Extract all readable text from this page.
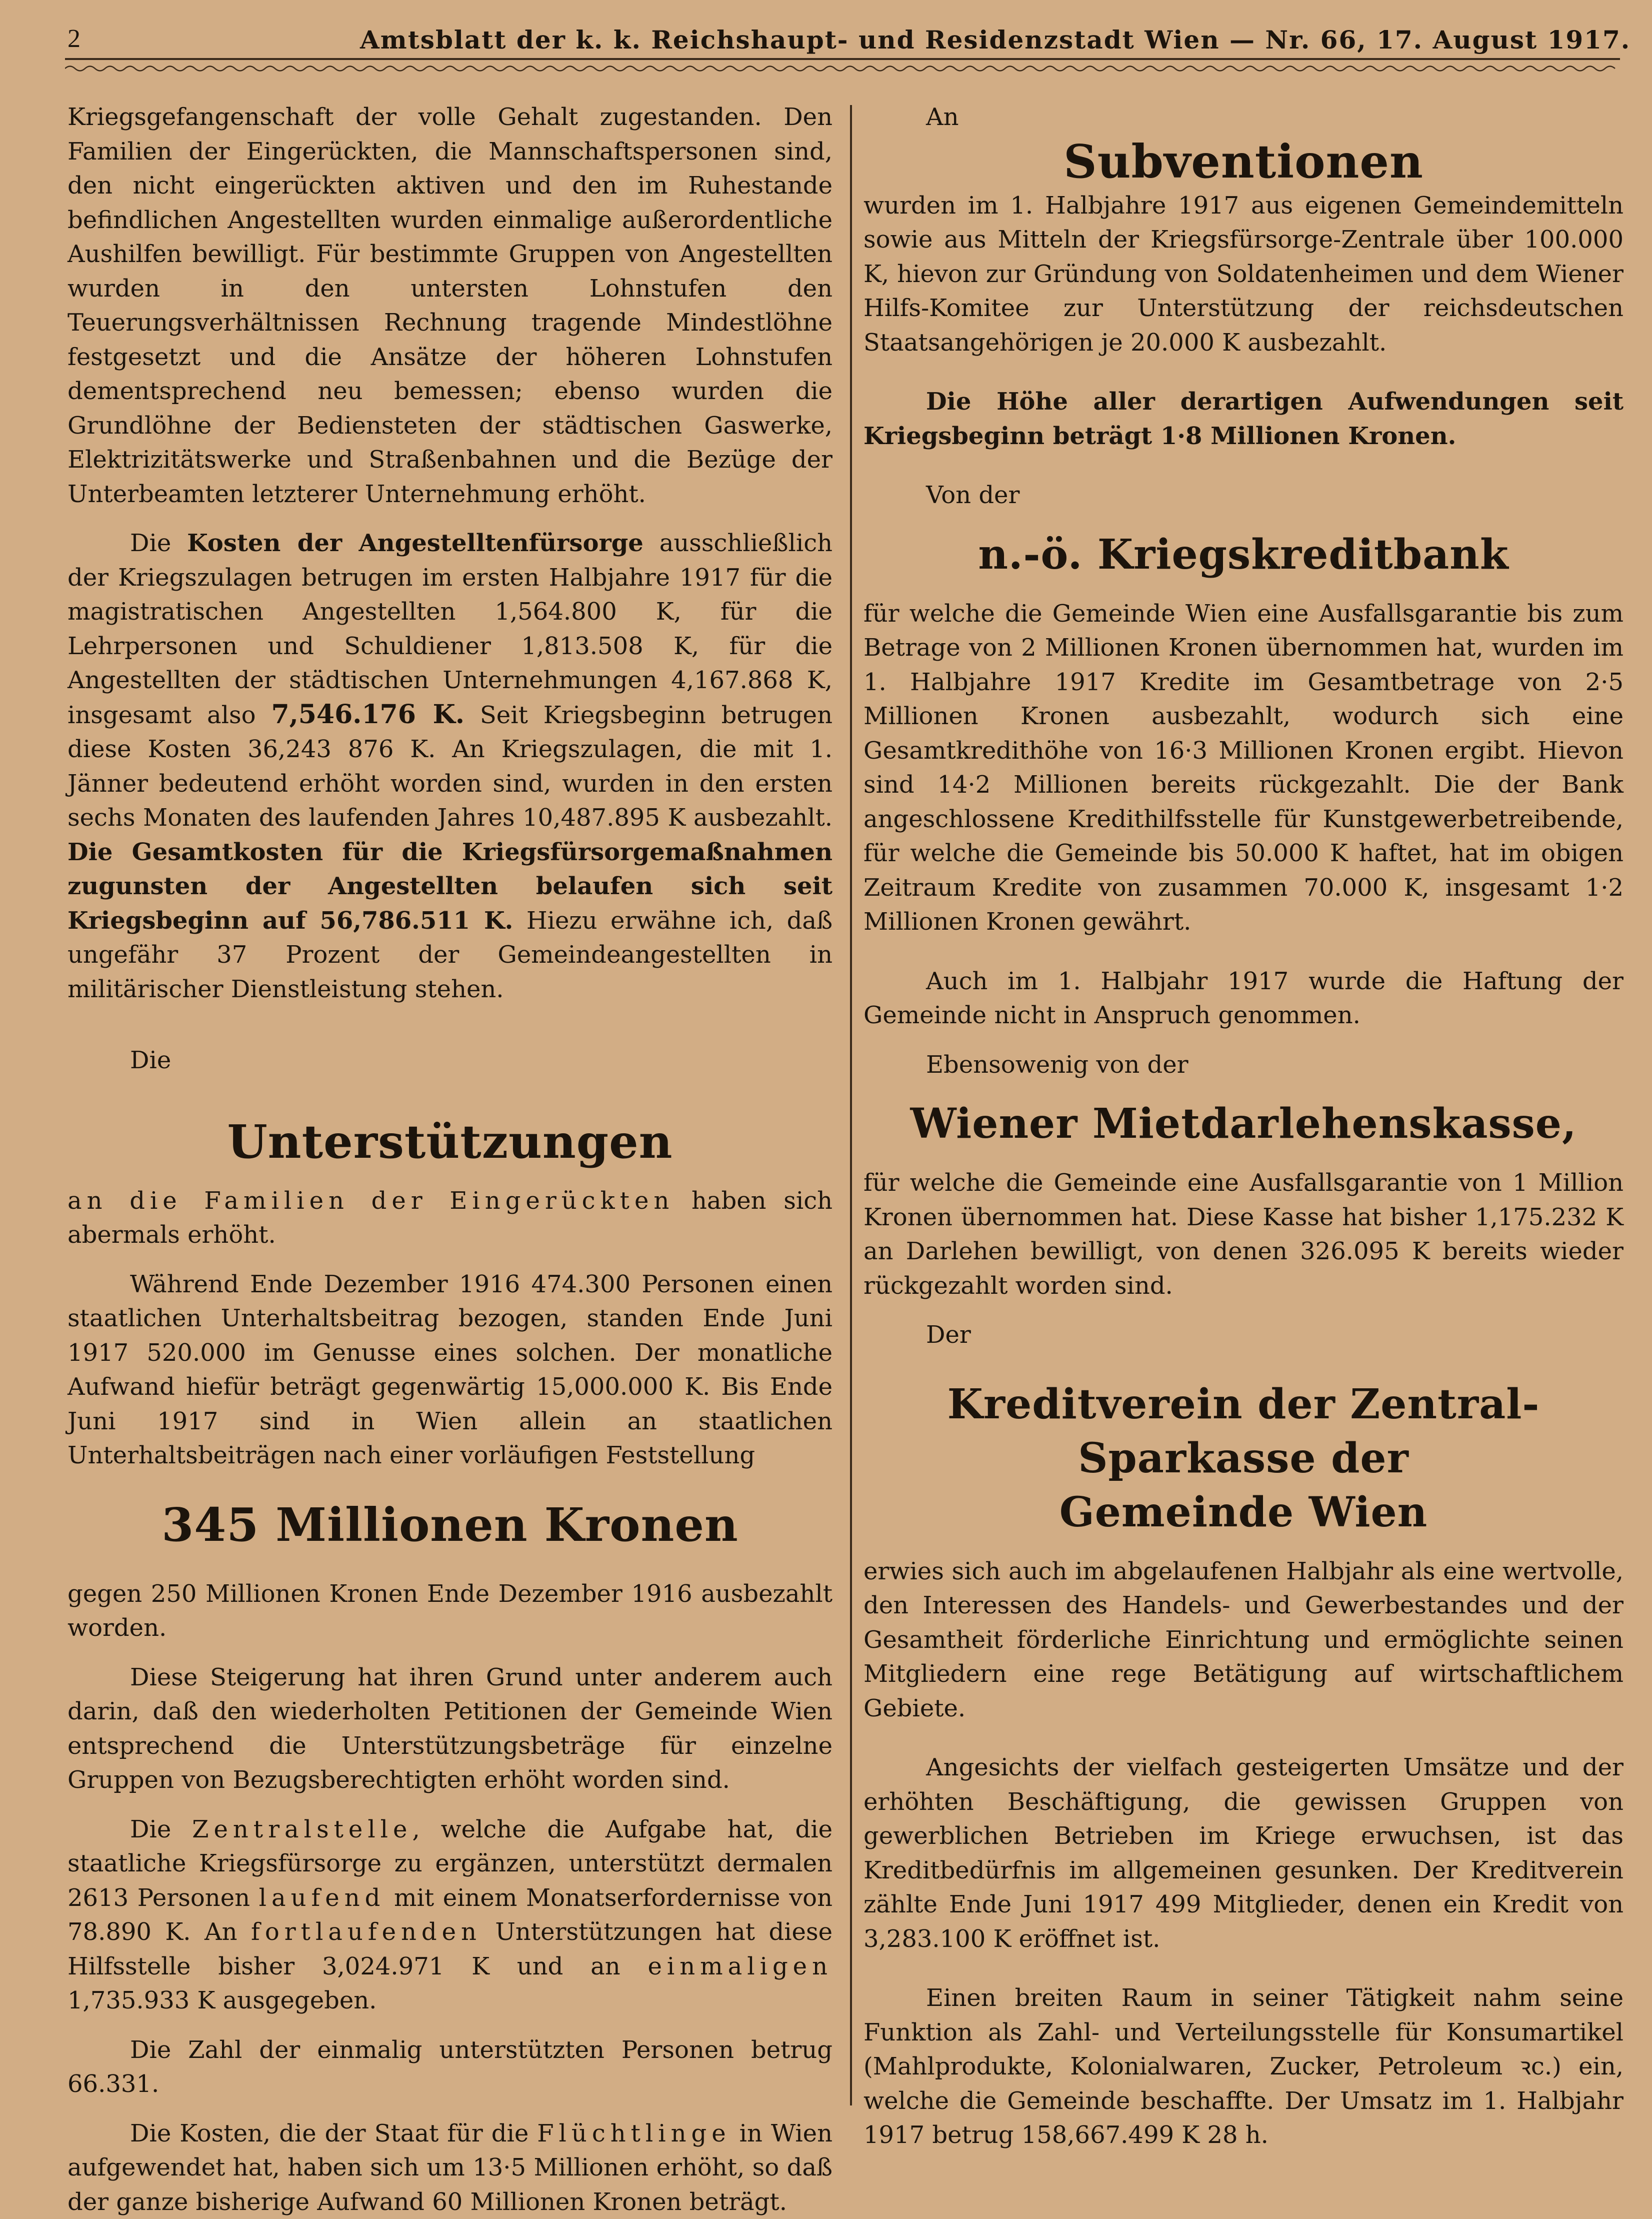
2	Amtsblatt der k. k. Reichshaupt- und Residenzstadt Wien — Nr. 66, 17. August 1917.

Kriegsgefangenschaft der volle Gehalt zugestanden. Den Familien der Eingerückten, die Mannschaftspersonen sind, den nicht eingerückten aktiven und den im Ruhestande befindlichen Angestellten wurden einmalige außerordentliche Aushilfen bewilligt. Für bestimmte Gruppen von Angestellten wurden in den untersten Lohnstufen den Teuerungsverhältnissen Rechnung tragende Mindestlöhne festgesetzt und die Ansätze der höheren Lohnstufen dementsprechend neu bemessen; ebenso wurden die Grundlöhne der Bediensteten der städtischen Gaswerke, Elektrizitätswerke und Straßenbahnen und die Bezüge der Unterbeamten letzterer Unternehmung erhöht.

Die Kosten der Angestelltenfürsorge ausschließlich der Kriegszulagen betrugen im ersten Halbjahre 1917 für die magistratischen Angestellten 1,564.800 K, für die Lehrpersonen und Schuldiener 1,813.508 K, für die Angestellten der städtischen Unternehmungen 4,167.868 K, insgesamt also 7,546.176 K. Seit Kriegsbeginn betrugen diese Kosten 36,243 876 K. An Kriegszulagen, die mit 1. Jänner bedeutend erhöht worden sind, wurden in den ersten sechs Monaten des laufenden Jahres 10,487.895 K ausbezahlt. Die Gesamtkosten für die Kriegsfürsorgemaßnahmen zugunsten der Angestellten belaufen sich seit Kriegsbeginn auf 56,786.511 K. Hiezu erwähne ich, daß ungefähr 37 Prozent der Gemeindeangestellten in militärischer Dienstleistung stehen.

Die
Unterstützungen

an die Familien der Eingerückten haben sich abermals erhöht.

Während Ende Dezember 1916 474.300 Personen einen staatlichen Unterhaltsbeitrag bezogen, standen Ende Juni 1917 520.000 im Genusse eines solchen. Der monatliche Aufwand hiefür beträgt gegenwärtig 15,000.000 K. Bis Ende Juni 1917 sind in Wien allein an staatlichen Unterhaltsbeiträgen nach einer vorläufigen Feststellung

345 Millionen Kronen

gegen 250 Millionen Kronen Ende Dezember 1916 ausbezahlt worden.

Diese Steigerung hat ihren Grund unter anderem auch darin, daß den wiederholten Petitionen der Gemeinde Wien entsprechend die Unterstützungsbeträge für einzelne Gruppen von Bezugsberechtigten erhöht worden sind.

Die Zentralstelle, welche die Aufgabe hat, die staatliche Kriegsfürsorge zu ergänzen, unterstützt dermalen 2613 Personen laufend mit einem Monatserfordernisse von 78.890 K. An fortlaufenden Unterstützungen hat diese Hilfsstelle bisher 3,024.971 K und an einmaligen 1,735.933 K ausgegeben.

Die Zahl der einmalig unterstützten Personen betrug 66.331.

Die Kosten, die der Staat für die Flüchtlinge in Wien aufgewendet hat, haben sich um 13·5 Millionen erhöht, so daß der ganze bisherige Aufwand 60 Millionen Kronen beträgt.

An
Subventionen

wurden im 1. Halbjahre 1917 aus eigenen Gemeindemitteln sowie aus Mitteln der Kriegsfürsorge-Zentrale über 100.000 K, hievon zur Gründung von Soldatenheimen und dem Wiener Hilfs-Komitee zur Unterstützung der reichsdeutschen Staatsangehörigen je 20.000 K ausbezahlt.

Die Höhe aller derartigen Aufwendungen seit Kriegsbeginn beträgt 1·8 Millionen Kronen.

Von der
n.-ö. Kriegskreditbank

für welche die Gemeinde Wien eine Ausfallsgarantie bis zum Betrage von 2 Millionen Kronen übernommen hat, wurden im 1. Halbjahre 1917 Kredite im Gesamtbetrage von 2·5 Millionen Kronen ausbezahlt, wodurch sich eine Gesamtkredithöhe von 16·3 Millionen Kronen ergibt. Hievon sind 14·2 Millionen bereits rückgezahlt. Die der Bank angeschlossene Kredithilfsstelle für Kunstgewerbetreibende, für welche die Gemeinde bis 50.000 K haftet, hat im obigen Zeitraum Kredite von zusammen 70.000 K, insgesamt 1·2 Millionen Kronen gewährt.

Auch im 1. Halbjahr 1917 wurde die Haftung der Gemeinde nicht in Anspruch genommen.

Ebensowenig von der
Wiener Mietdarlehenskasse,

für welche die Gemeinde eine Ausfallsgarantie von 1 Million Kronen übernommen hat. Diese Kasse hat bisher 1,175.232 K an Darlehen bewilligt, von denen 326.095 K bereits wieder rückgezahlt worden sind.

Der
Kreditverein der Zentral-Sparkasse der
Gemeinde Wien

erwies sich auch im abgelaufenen Halbjahr als eine wertvolle, den Interessen des Handels- und Gewerbestandes und der Gesamtheit förderliche Einrichtung und ermöglichte seinen Mitgliedern eine rege Betätigung auf wirtschaftlichem Gebiete.

Angesichts der vielfach gesteigerten Umsätze und der erhöhten Beschäftigung, die gewissen Gruppen von gewerblichen Betrieben im Kriege erwuchsen, ist das Kreditbedürfnis im allgemeinen gesunken. Der Kreditverein zählte Ende Juni 1917 499 Mitglieder, denen ein Kredit von 3,283.100 K eröffnet ist.

Einen breiten Raum in seiner Tätigkeit nahm seine Funktion als Zahl- und Verteilungsstelle für Konsumartikel (Mahlprodukte, Kolonialwaren, Zucker, Petroleum ꝛc.) ein, welche die Gemeinde beschaffte. Der Umsatz im 1. Halbjahr 1917 betrug 158,667.499 K 28 h.
